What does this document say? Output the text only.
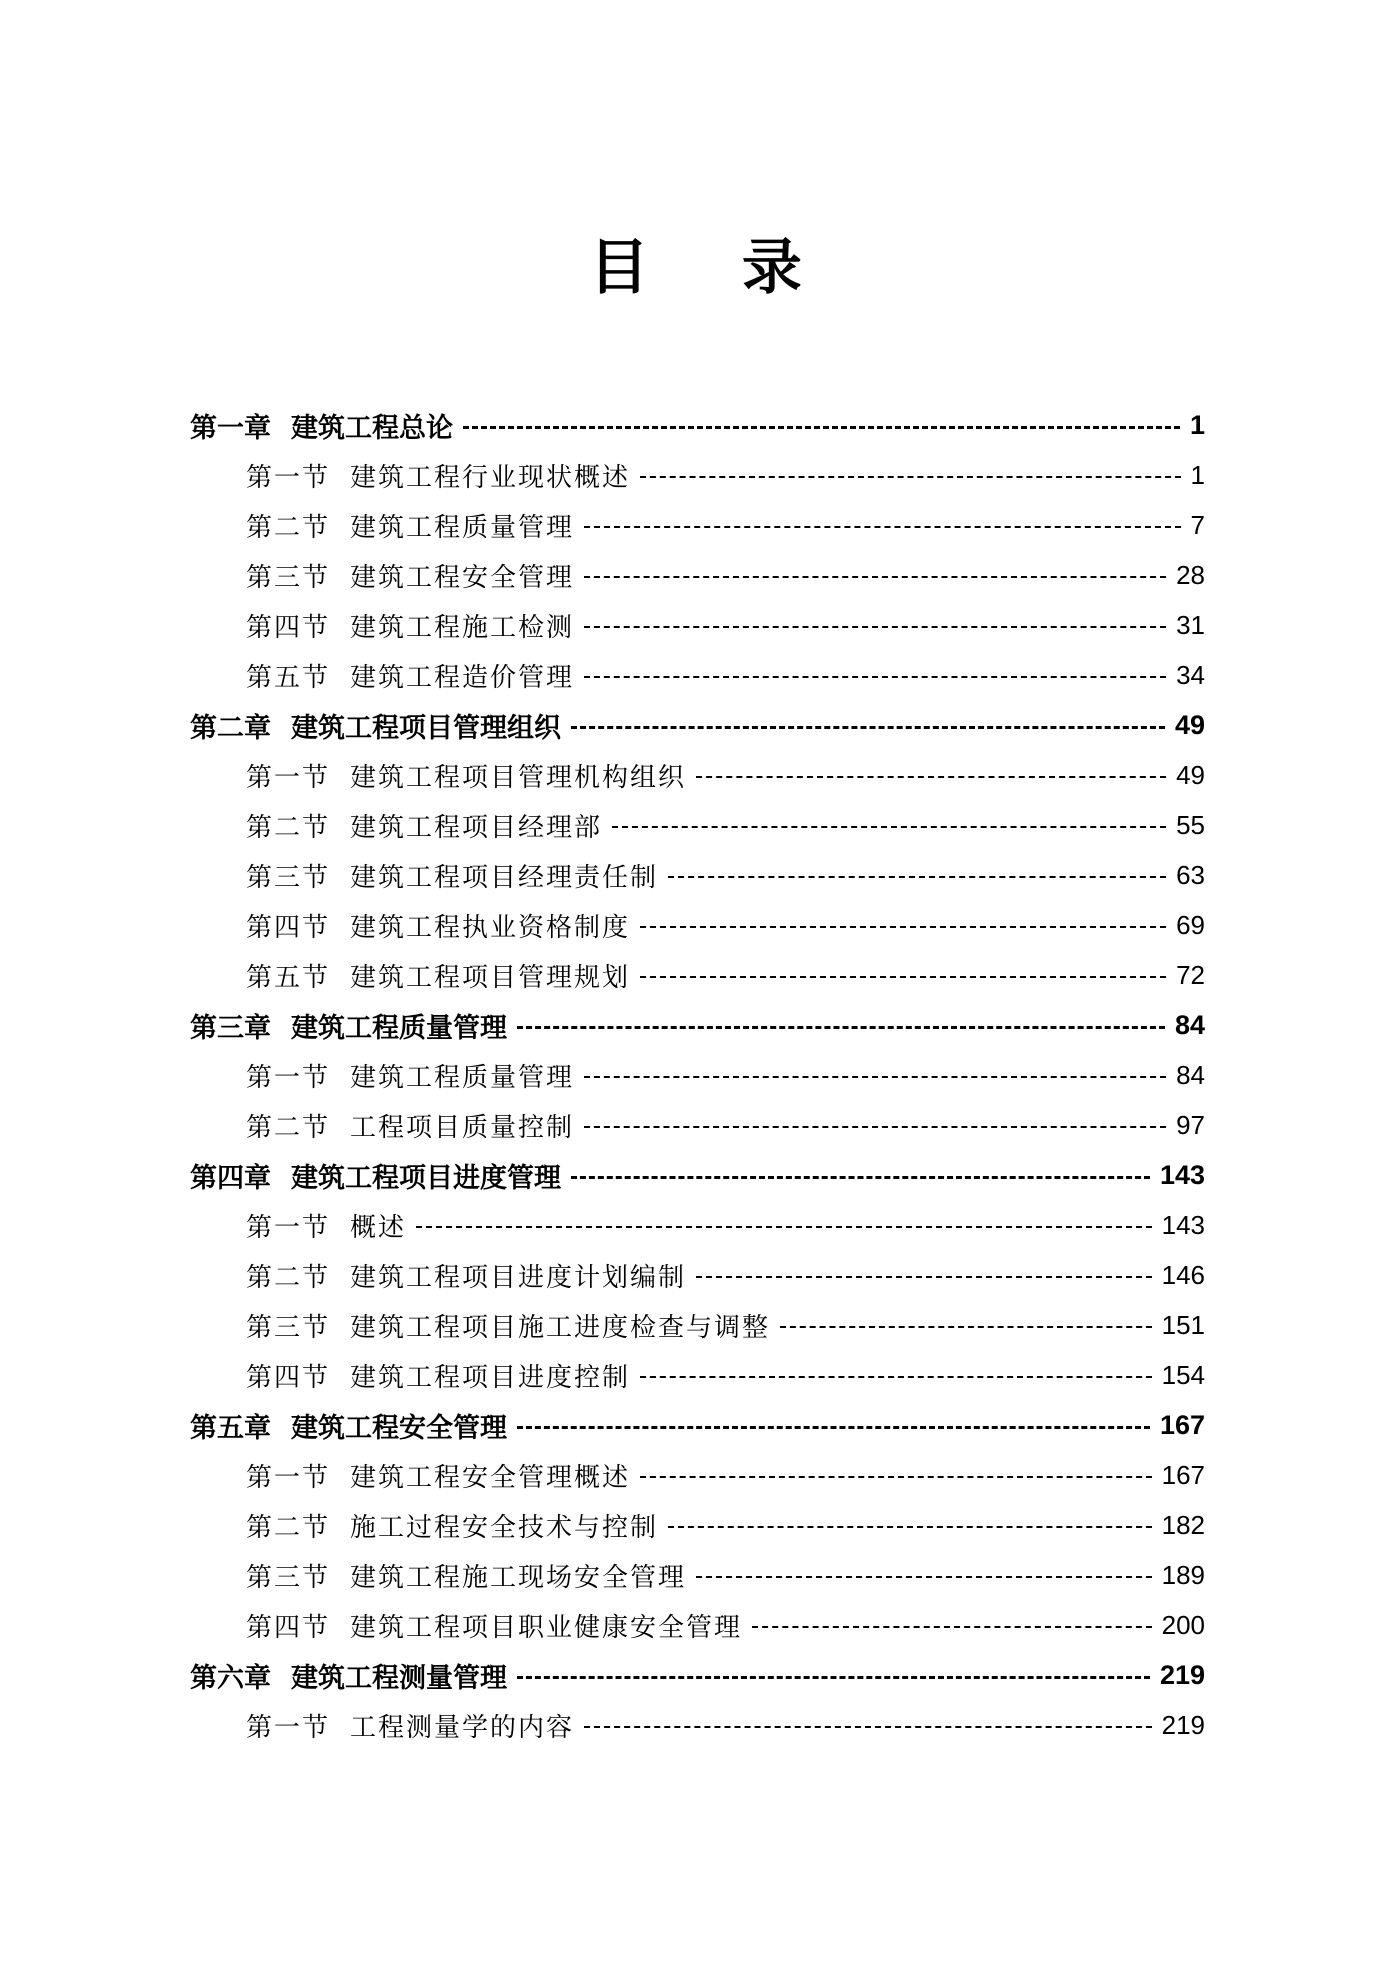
目 录
第一章 建筑工程总论	1
第一节 建筑工程行业现状概述	1
第二节 建筑工程质量管理	7
第三节 建筑工程安全管理	28
第四节 建筑工程施工检测	31
第五节 建筑工程造价管理	34
第二章 建筑工程项目管理组织	49
第一节 建筑工程项目管理机构组织	49
第二节 建筑工程项目经理部	55
第三节 建筑工程项目经理责任制	63
第四节 建筑工程执业资格制度	69
第五节 建筑工程项目管理规划	72
第三章 建筑工程质量管理	84
第一节 建筑工程质量管理	84
第二节 工程项目质量控制	97
第四章 建筑工程项目进度管理	143
第一节 概述	143
第二节 建筑工程项目进度计划编制	146
第三节 建筑工程项目施工进度检查与调整	151
第四节 建筑工程项目进度控制	154
第五章 建筑工程安全管理	167
第一节 建筑工程安全管理概述	167
第二节 施工过程安全技术与控制	182
第三节 建筑工程施工现场安全管理	189
第四节 建筑工程项目职业健康安全管理	200
第六章 建筑工程测量管理	219
第一节 工程测量学的内容	219
